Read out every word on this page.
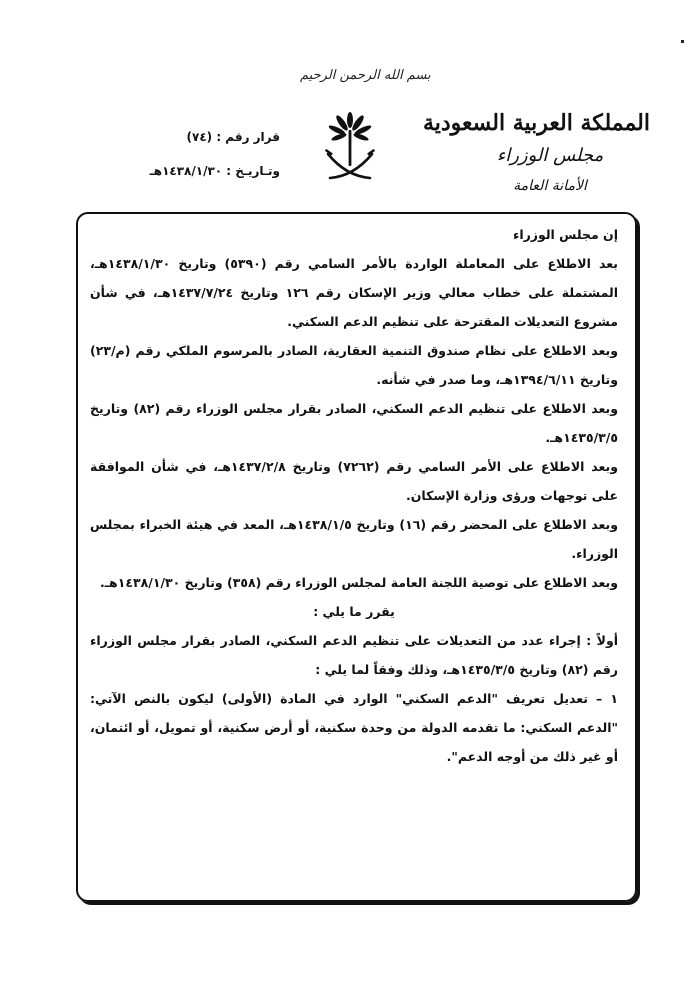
بسم الله الرحمن الرحيم
المملكة العربية السعودية
مجلس الوزراء
الأمانة العامة
قرار رقم : (٧٤)
وتـاريـخ : ١٤٣٨/١/٣٠هـ

إن مجلس الوزراء

بعد الاطلاع على المعاملة الواردة بالأمر السامي رقم (٥٣٩٠) وتاريخ ١٤٣٨/١/٣٠هـ، المشتملة على خطاب معالي وزير الإسكان رقم ١٢٦ وتاريخ ١٤٣٧/٧/٢٤هـ، في شأن مشروع التعديلات المقترحة على تنظيم الدعم السكني.

وبعد الاطلاع على نظام صندوق التنمية العقارية، الصادر بالمرسوم الملكي رقم (م/٢٣) وتاريخ ١٣٩٤/٦/١١هـ، وما صدر في شأنه.

وبعد الاطلاع على تنظيم الدعم السكني، الصادر بقرار مجلس الوزراء رقم (٨٢) وتاريخ ١٤٣٥/٣/٥هـ.

وبعد الاطلاع على الأمر السامي رقم (٧٢٦٢) وتاريخ ١٤٣٧/٢/٨هـ، في شأن الموافقة على توجهات ورؤى وزارة الإسكان.

وبعد الاطلاع على المحضر رقم (١٦) وتاريخ ١٤٣٨/١/٥هـ، المعد في هيئة الخبراء بمجلس الوزراء.

وبعد الاطلاع على توصية اللجنة العامة لمجلس الوزراء رقم (٣٥٨) وتاريخ ١٤٣٨/١/٣٠هـ.

يقرر ما يلي :

أولاً : إجراء عدد من التعديلات على تنظيم الدعم السكني، الصادر بقرار مجلس الوزراء رقم (٨٢) وتاريخ ١٤٣٥/٣/٥هـ، وذلك وفقاً لما يلي :

١ – تعديل تعريف "الدعم السكني" الوارد في المادة (الأولى) ليكون بالنص الآتي: "الدعم السكني: ما تقدمه الدولة من وحدة سكنية، أو أرض سكنية، أو تمويل، أو ائتمان، أو غير ذلك من أوجه الدعم".
